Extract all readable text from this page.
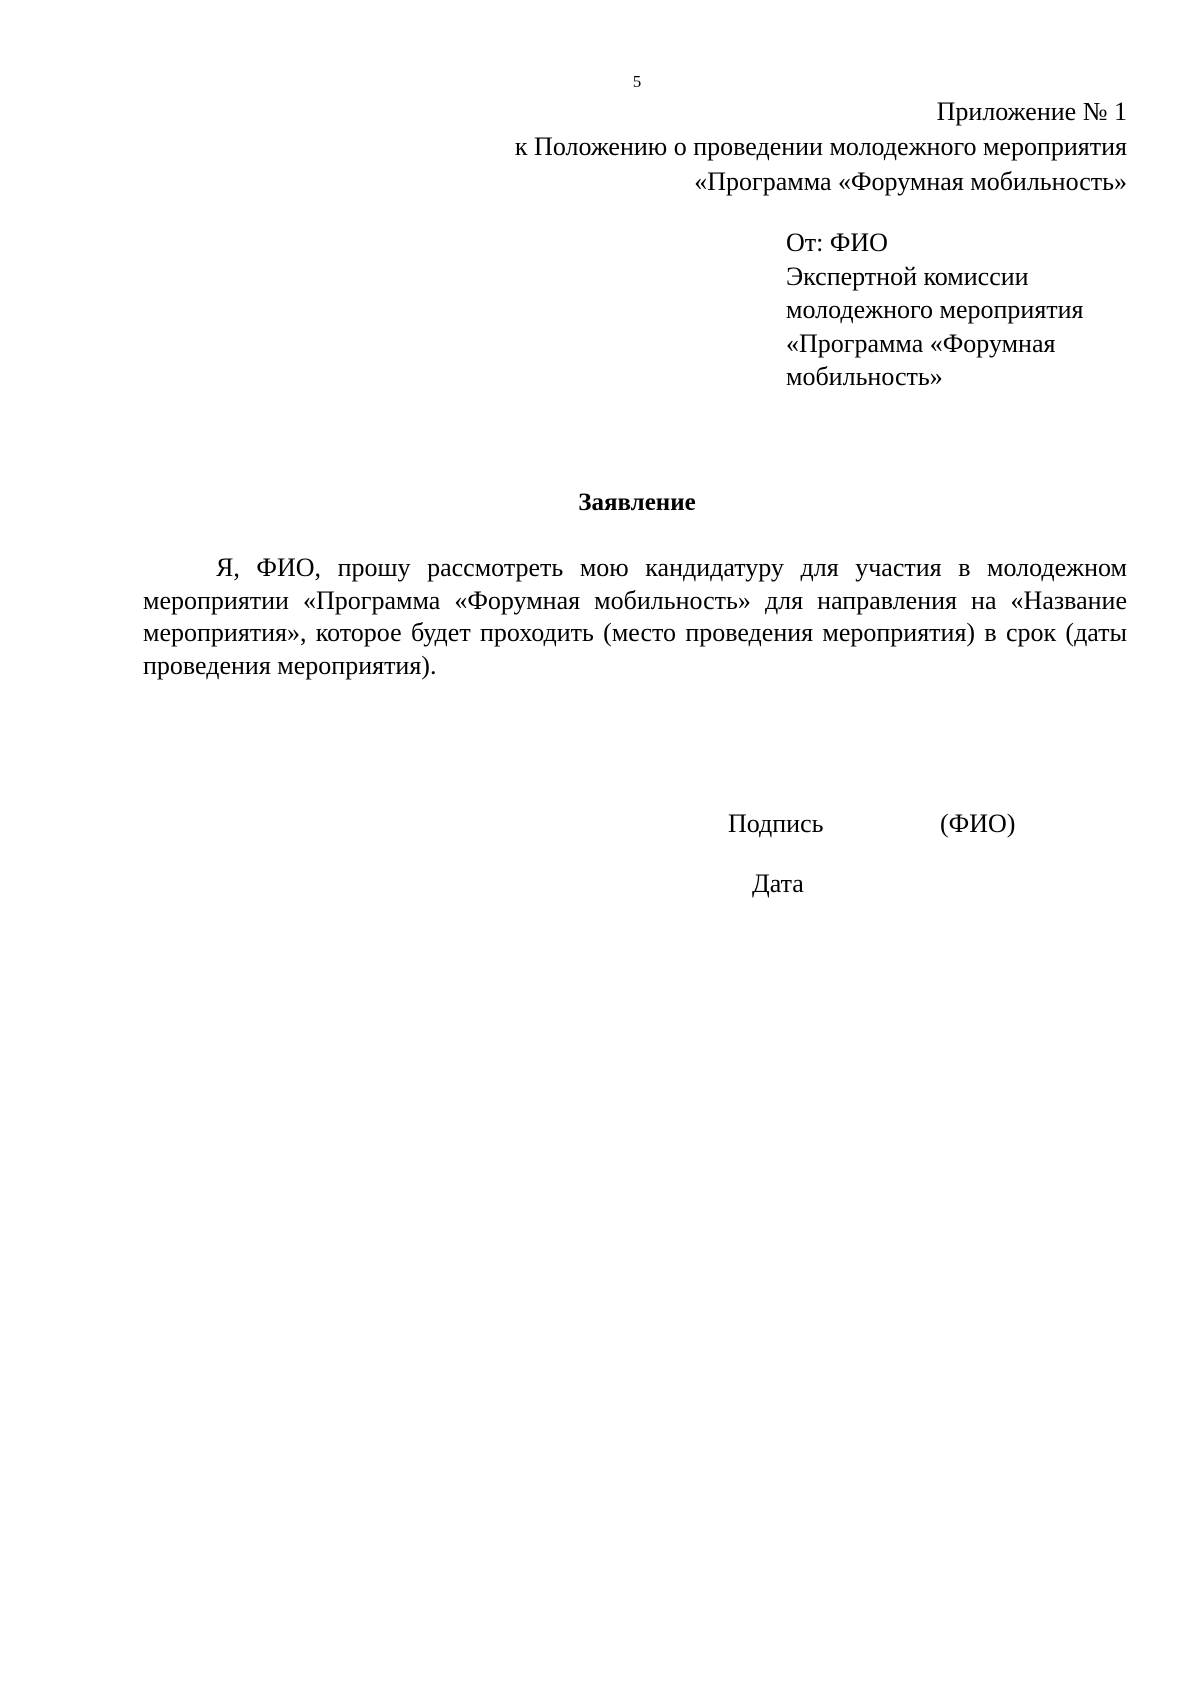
5
Приложение № 1
к Положению о проведении молодежного мероприятия
«Программа «Форумная мобильность»
От: ФИО
Экспертной комиссии
молодежного мероприятия
«Программа «Форумная
мобильность»
Заявление

Я, ФИО, прошу рассмотреть мою кандидатуру для участия в молодежном мероприятии «Программа «Форумная мобильность» для направления на «Название мероприятия», которое будет проходить (место проведения мероприятия) в срок (даты проведения мероприятия).

Подпись	(ФИО)
Дата
